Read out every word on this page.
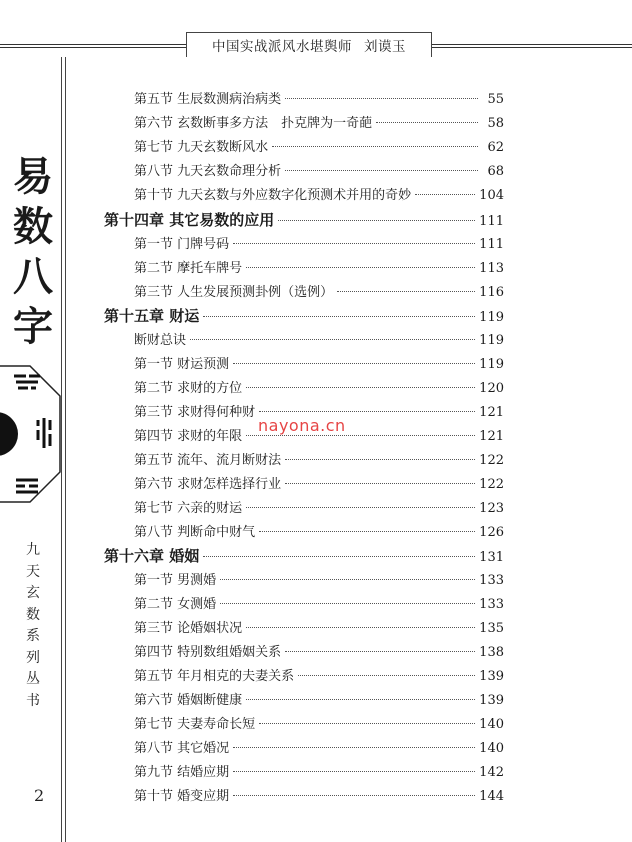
中国实战派风水堪舆师 刘谟玉
易
数
八
字
九
天
玄
数
系
列
丛
书
2
第五节 生辰数测病治病类	55
第六节 玄数断事多方法　扑克牌为一奇葩	58
第七节 九天玄数断风水	62
第八节 九天玄数命理分析	68
第十节 九天玄数与外应数字化预测术并用的奇妙	104
第十四章 其它易数的应用	111
第一节 门牌号码	111
第二节 摩托车牌号	113
第三节 人生发展预测卦例（选例）	116
第十五章 财运	119
断财总诀	119
第一节 财运预测	119
第二节 求财的方位	120
第三节 求财得何种财	121
第四节 求财的年限	121
第五节 流年、流月断财法	122
第六节 求财怎样选择行业	122
第七节 六亲的财运	123
第八节 判断命中财气	126
第十六章 婚姻	131
第一节 男测婚	133
第二节 女测婚	133
第三节 论婚姻状况	135
第四节 特别数组婚姻关系	138
第五节 年月相克的夫妻关系	139
第六节 婚姻断健康	139
第七节 夫妻寿命长短	140
第八节 其它婚况	140
第九节 结婚应期	142
第十节 婚变应期	144
nayona.cn
